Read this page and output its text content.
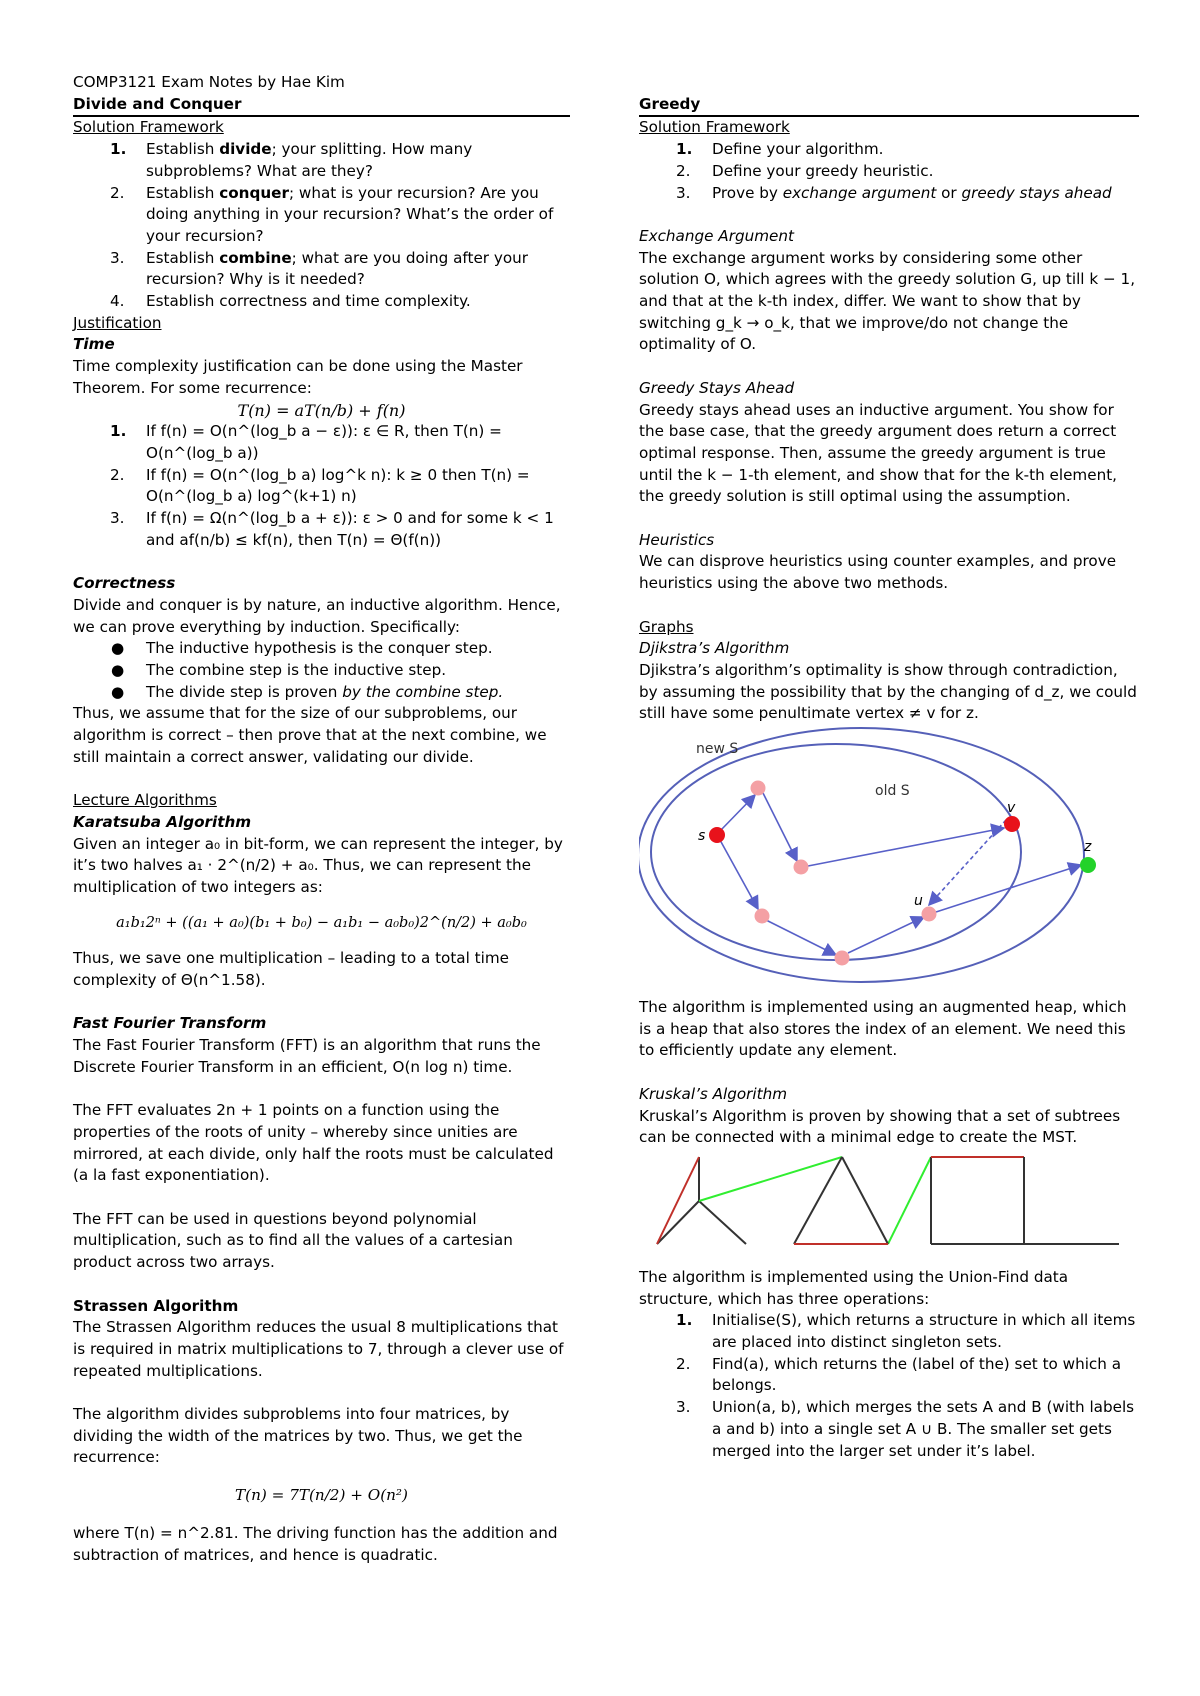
COMP3121 Exam Notes by Hae Kim

Divide and Conquer

Solution Framework

1. Establish divide; your splitting. How many subproblems? What are they?
2. Establish conquer; what is your recursion? Are you doing anything in your recursion? What’s the order of your recursion?
3. Establish combine; what are you doing after your recursion? Why is it needed?
4. Establish correctness and time complexity.

Justification

Time

Time complexity justification can be done using the Master Theorem. For some recurrence:

T(n) = aT(n/b) + f(n)

1. If f(n) = O(n^(log_b a − ε)): ε ∈ R, then T(n) = O(n^(log_b a))
2. If f(n) = O(n^(log_b a) log^k n): k ≥ 0 then T(n) = O(n^(log_b a) log^(k+1) n)
3. If f(n) = Ω(n^(log_b a + ε)): ε > 0 and for some k < 1 and af(n/b) ≤ kf(n), then T(n) = Θ(f(n))

Correctness

Divide and conquer is by nature, an inductive algorithm. Hence, we can prove everything by induction. Specifically:

● The inductive hypothesis is the conquer step.
● The combine step is the inductive step.
● The divide step is proven by the combine step.

Thus, we assume that for the size of our subproblems, our algorithm is correct – then prove that at the next combine, we still maintain a correct answer, validating our divide.

Lecture Algorithms

Karatsuba Algorithm

Given an integer a₀ in bit-form, we can represent the integer, by it’s two halves a₁ · 2^(n/2) + a₀. Thus, we can represent the multiplication of two integers as:

a₁b₁2ⁿ + ((a₁ + a₀)(b₁ + b₀) − a₁b₁ − a₀b₀)2^(n/2) + a₀b₀

Thus, we save one multiplication – leading to a total time complexity of Θ(n^1.58).

Fast Fourier Transform

The Fast Fourier Transform (FFT) is an algorithm that runs the Discrete Fourier Transform in an efficient, O(n log n) time.

The FFT evaluates 2n + 1 points on a function using the properties of the roots of unity – whereby since unities are mirrored, at each divide, only half the roots must be calculated (a la fast exponentiation).

The FFT can be used in questions beyond polynomial multiplication, such as to find all the values of a cartesian product across two arrays.

Strassen Algorithm

The Strassen Algorithm reduces the usual 8 multiplications that is required in matrix multiplications to 7, through a clever use of repeated multiplications.

The algorithm divides subproblems into four matrices, by dividing the width of the matrices by two. Thus, we get the recurrence:

T(n) = 7T(n/2) + O(n²)

where T(n) = n^2.81. The driving function has the addition and subtraction of matrices, and hence is quadratic.

Greedy

Solution Framework

1. Define your algorithm.
2. Define your greedy heuristic.
3. Prove by exchange argument or greedy stays ahead

Exchange Argument

The exchange argument works by considering some other solution O, which agrees with the greedy solution G, up till k − 1, and that at the k-th index, differ. We want to show that by switching g_k → o_k, that we improve/do not change the optimality of O.

Greedy Stays Ahead

Greedy stays ahead uses an inductive argument. You show for the base case, that the greedy argument does return a correct optimal response. Then, assume the greedy argument is true until the k − 1-th element, and show that for the k-th element, the greedy solution is still optimal using the assumption.

Heuristics

We can disprove heuristics using counter examples, and prove heuristics using the above two methods.

Graphs

Djikstra’s Algorithm

Djikstra’s algorithm’s optimality is show through contradiction, by assuming the possibility that by the changing of d_z, we could still have some penultimate vertex ≠ v for z.

new S
old S
s
v
u
z

The algorithm is implemented using an augmented heap, which is a heap that also stores the index of an element. We need this to efficiently update any element.

Kruskal’s Algorithm

Kruskal’s Algorithm is proven by showing that a set of subtrees can be connected with a minimal edge to create the MST.

The algorithm is implemented using the Union-Find data structure, which has three operations:

1. Initialise(S), which returns a structure in which all items are placed into distinct singleton sets.
2. Find(a), which returns the (label of the) set to which a belongs.
3. Union(a, b), which merges the sets A and B (with labels a and b) into a single set A ∪ B. The smaller set gets merged into the larger set under it’s label.
